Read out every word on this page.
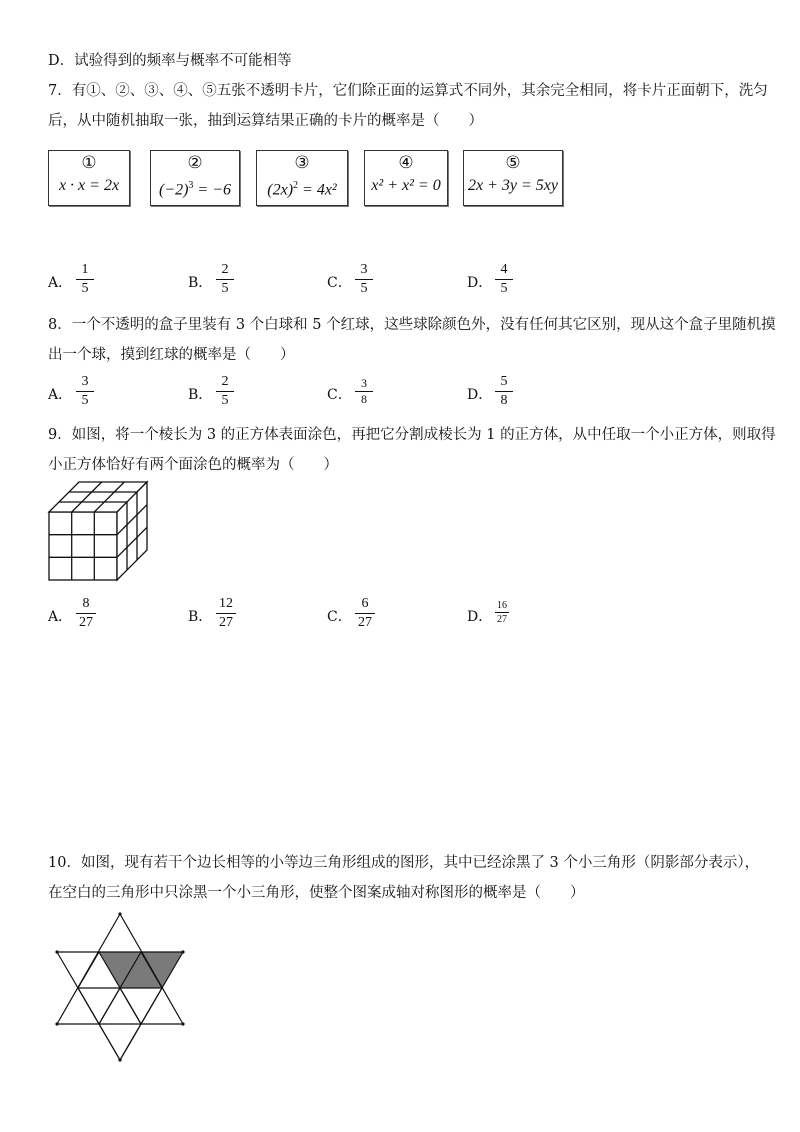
D．试验得到的频率与概率不可能相等
7．有①、②、③、④、⑤五张不透明卡片，它们除正面的运算式不同外，其余完全相同，将卡片正面朝下，洗匀
后，从中随机抽取一张，抽到运算结果正确的卡片的概率是（　　）
①
x · x = 2x
②
$(-2)^3 = -6$
③
$(2x)^2 = 4x^2$
④
x² + x² = 0
⑤
2x + 3y = 5xy
A．
1
5	B．
2
5	C．
3
5	D．
4
5
8．一个不透明的盒子里装有 3 个白球和 5 个红球，这些球除颜色外，没有任何其它区别，现从这个盒子里随机摸
出一个球，摸到红球的概率是（　　）
A．
3
5	B．
2
5	C．
3
8	D．
5
8
9．如图，将一个棱长为 3 的正方体表面涂色，再把它分割成棱长为 1 的正方体，从中任取一个小正方体，则取得
小正方体恰好有两个面涂色的概率为（　　）
A．
8
27	B．
12
27	C．
6
27	D．
16
27
10．如图，现有若干个边长相等的小等边三角形组成的图形，其中已经涂黑了 3 个小三角形（阴影部分表示），
在空白的三角形中只涂黑一个小三角形，使整个图案成轴对称图形的概率是（　　）
